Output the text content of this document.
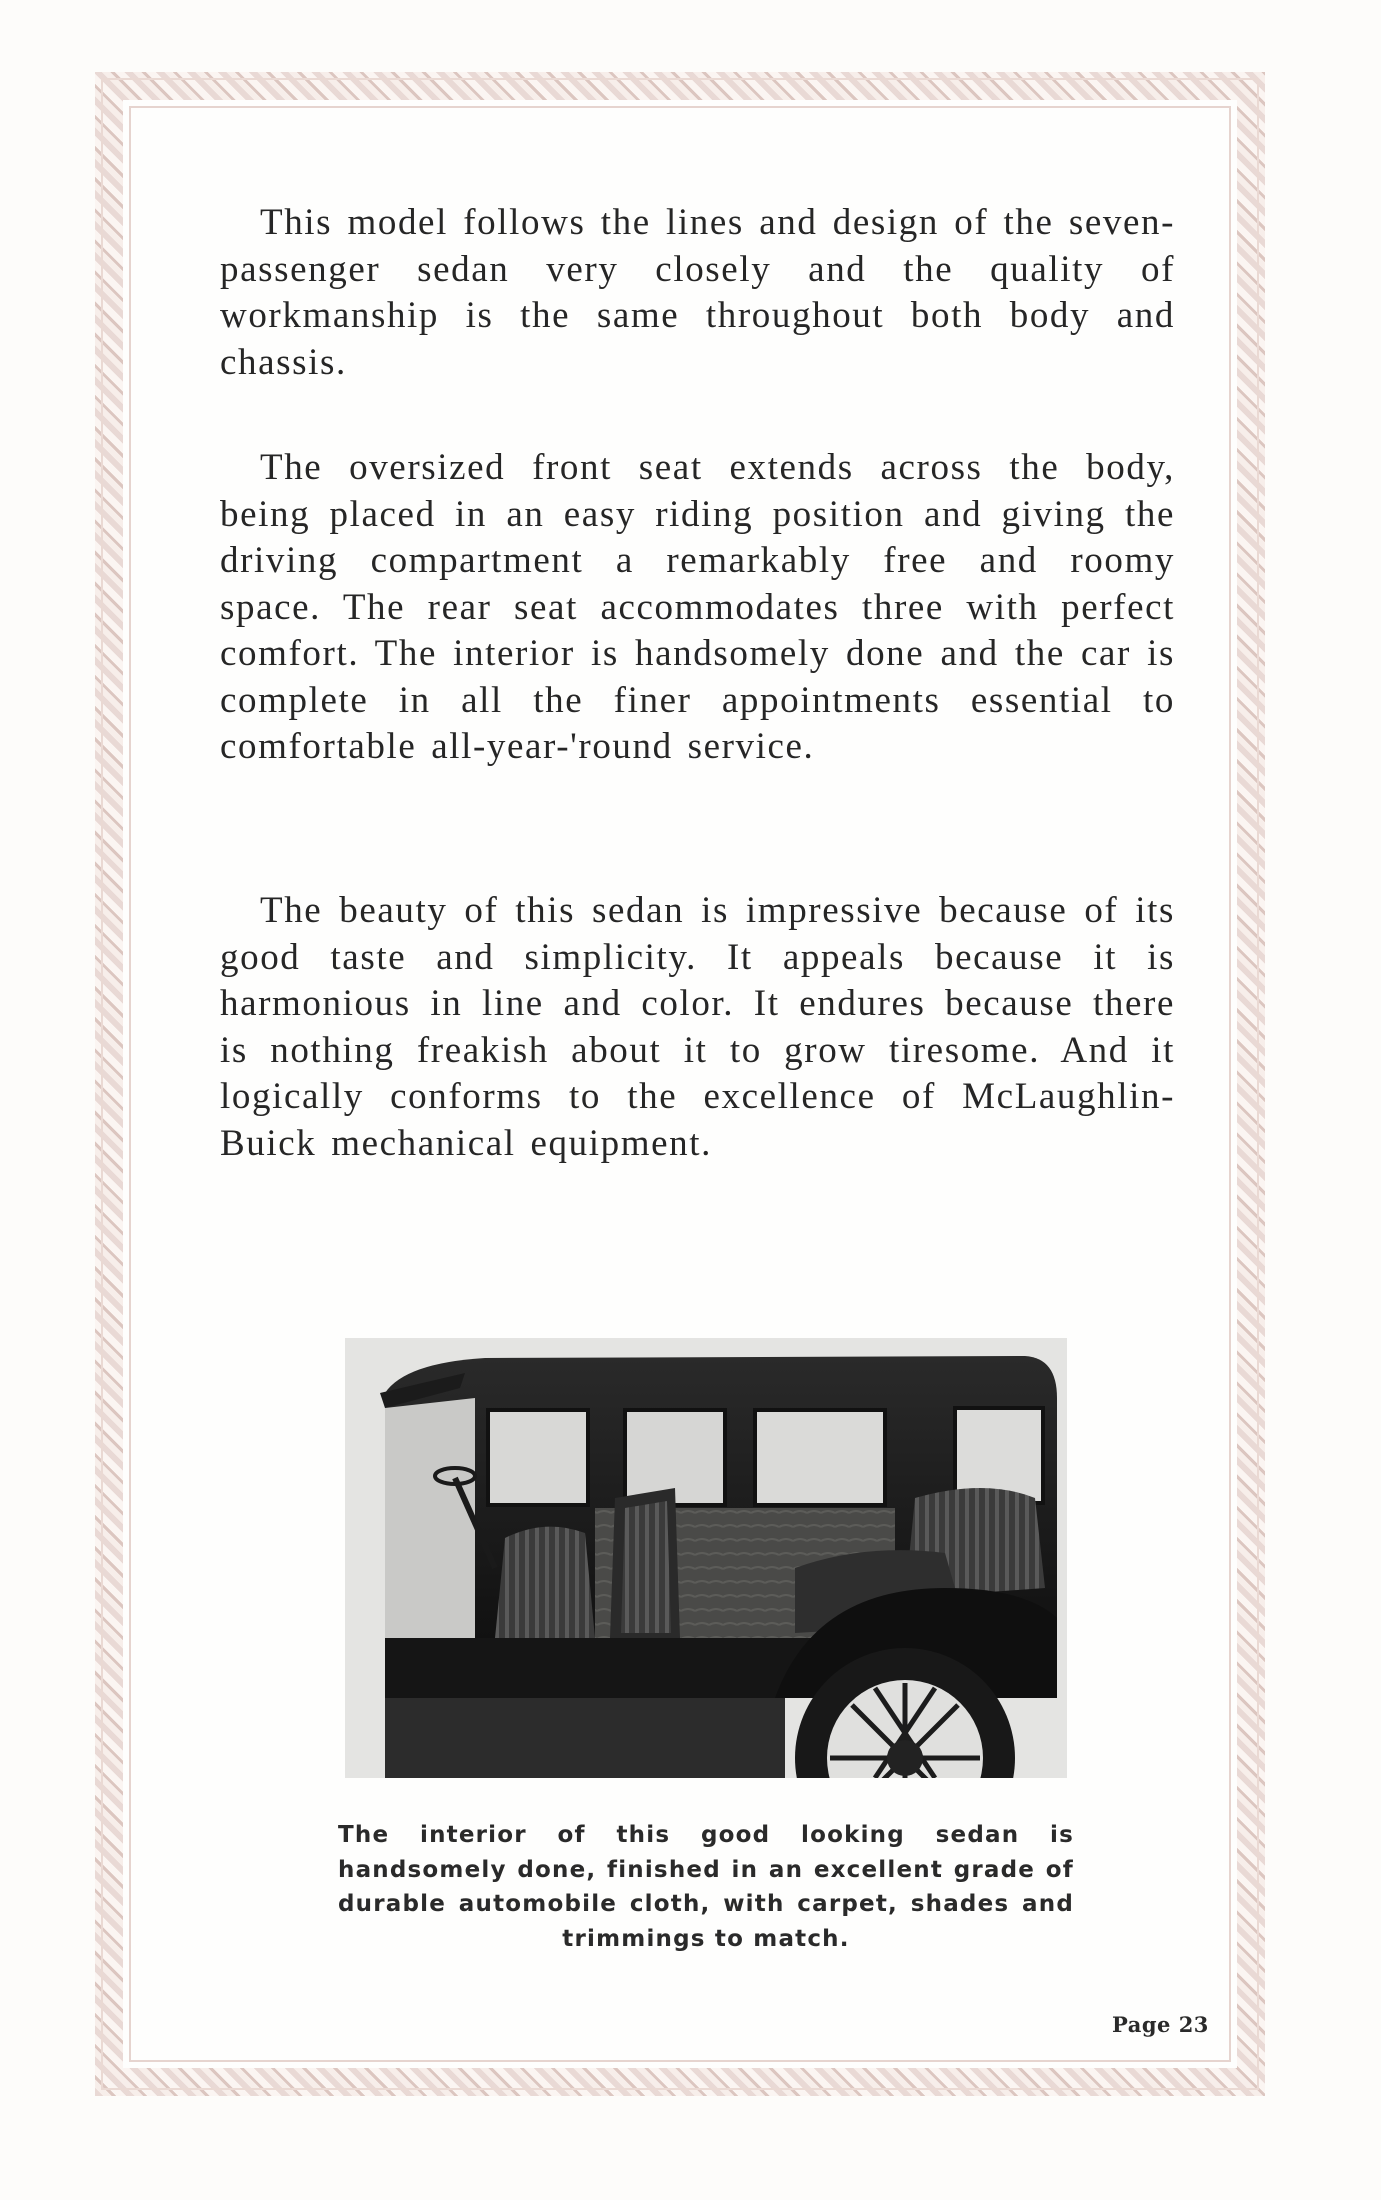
This model follows the lines and design of the seven-passenger sedan very closely and the quality of workmanship is the same throughout both body and chassis.

The oversized front seat extends across the body, being placed in an easy riding position and giving the driving compartment a remarkably free and roomy space. The rear seat accommodates three with perfect comfort. The interior is handsomely done and the car is complete in all the finer appointments essential to comfortable all-year-'round service.

The beauty of this sedan is impressive because of its good taste and simplicity. It appeals because it is harmonious in line and color. It endures because there is nothing freakish about it to grow tiresome. And it logically conforms to the excellence of McLaughlin-Buick mechanical equipment.

The interior of this good looking sedan is handsomely done, finished in an excellent grade of durable automobile cloth, with carpet, shades and trimmings to match.

Page 23
